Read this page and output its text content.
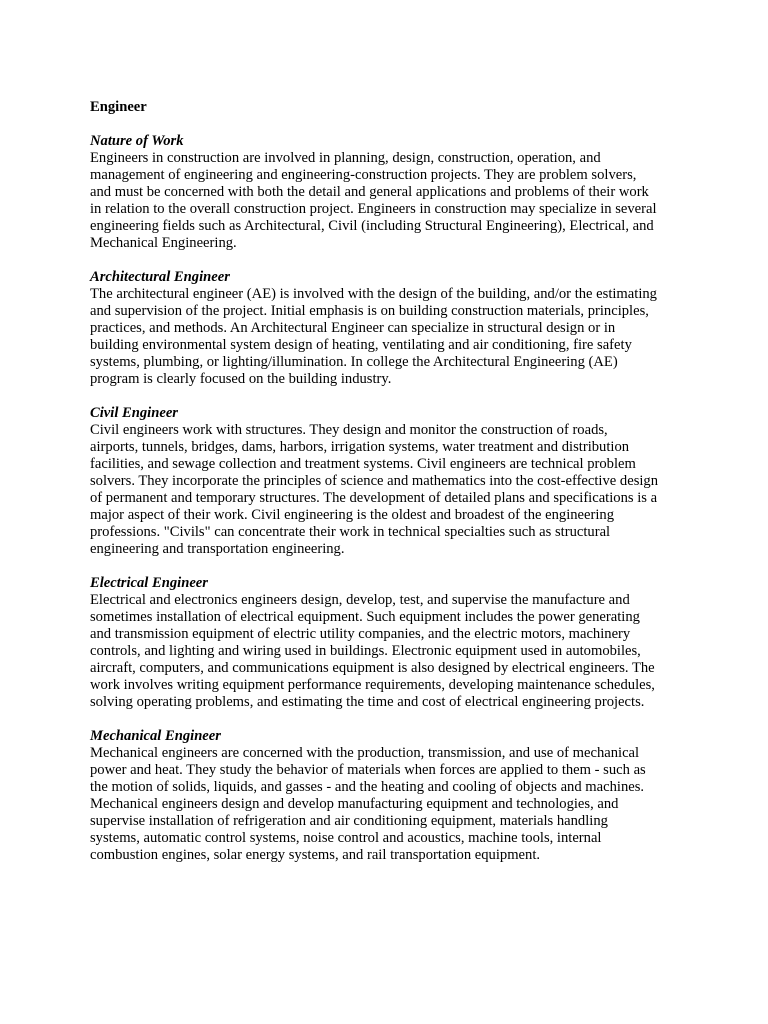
Engineer
Nature of Work
Engineers in construction are involved in planning, design, construction, operation, and
management of engineering and engineering-construction projects. They are problem solvers,
and must be concerned with both the detail and general applications and problems of their work
in relation to the overall construction project. Engineers in construction may specialize in several
engineering fields such as Architectural, Civil (including Structural Engineering), Electrical, and
Mechanical Engineering.
Architectural Engineer
The architectural engineer (AE) is involved with the design of the building, and/or the estimating
and supervision of the project. Initial emphasis is on building construction materials, principles,
practices, and methods. An Architectural Engineer can specialize in structural design or in
building environmental system design of heating, ventilating and air conditioning, fire safety
systems, plumbing, or lighting/illumination. In college the Architectural Engineering (AE)
program is clearly focused on the building industry.
Civil Engineer
Civil engineers work with structures. They design and monitor the construction of roads,
airports, tunnels, bridges, dams, harbors, irrigation systems, water treatment and distribution
facilities, and sewage collection and treatment systems. Civil engineers are technical problem
solvers. They incorporate the principles of science and mathematics into the cost-effective design
of permanent and temporary structures. The development of detailed plans and specifications is a
major aspect of their work. Civil engineering is the oldest and broadest of the engineering
professions. "Civils" can concentrate their work in technical specialties such as structural
engineering and transportation engineering.
Electrical Engineer
Electrical and electronics engineers design, develop, test, and supervise the manufacture and
sometimes installation of electrical equipment. Such equipment includes the power generating
and transmission equipment of electric utility companies, and the electric motors, machinery
controls, and lighting and wiring used in buildings. Electronic equipment used in automobiles,
aircraft, computers, and communications equipment is also designed by electrical engineers. The
work involves writing equipment performance requirements, developing maintenance schedules,
solving operating problems, and estimating the time and cost of electrical engineering projects.
Mechanical Engineer
Mechanical engineers are concerned with the production, transmission, and use of mechanical
power and heat. They study the behavior of materials when forces are applied to them - such as
the motion of solids, liquids, and gasses - and the heating and cooling of objects and machines.
Mechanical engineers design and develop manufacturing equipment and technologies, and
supervise installation of refrigeration and air conditioning equipment, materials handling
systems, automatic control systems, noise control and acoustics, machine tools, internal
combustion engines, solar energy systems, and rail transportation equipment.
